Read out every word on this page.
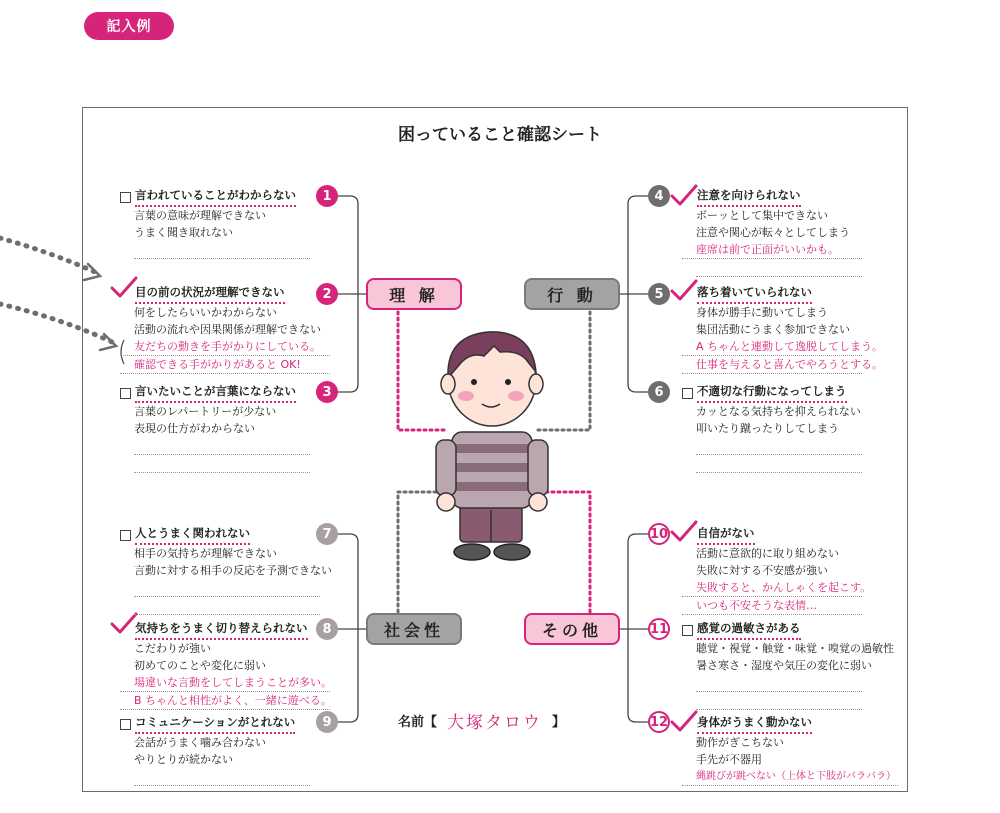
記入例
困っていること確認シート
1
2
3
4
5
6
7
8
9
10
11
12
理 解	行 動
社会性	その他
言われていることがわからない
言葉の意味が理解できない
うまく聞き取れない
目の前の状況が理解できない
何をしたらいいかわからない
活動の流れや因果関係が理解できない
友だちの動きを手がかりにしている。
確認できる手がかりがあると OK!
言いたいことが言葉にならない
言葉のレパートリーが少ない
表現の仕方がわからない
人とうまく関われない
相手の気持ちが理解できない
言動に対する相手の反応を予測できない
気持ちをうまく切り替えられない
こだわりが強い
初めてのことや変化に弱い
場違いな言動をしてしまうことが多い。
B ちゃんと相性がよく、一緒に遊べる。
コミュニケーションがとれない
会話がうまく噛み合わない
やりとりが続かない
注意を向けられない
ボーッとして集中できない
注意や関心が転々としてしまう
座席は前で正面がいいかも。
落ち着いていられない
身体が勝手に動いてしまう
集団活動にうまく参加できない
A ちゃんと連動して逸脱してしまう。
仕事を与えると喜んでやろうとする。
不適切な行動になってしまう
カッとなる気持ちを抑えられない
叩いたり蹴ったりしてしまう
自信がない
活動に意欲的に取り組めない
失敗に対する不安感が強い
失敗すると、かんしゃくを起こす。
いつも不安そうな表情…
感覚の過敏さがある
聴覚・視覚・触覚・味覚・嗅覚の過敏性
暑さ寒さ・湿度や気圧の変化に弱い
身体がうまく動かない
動作がぎこちない
手先が不器用
縄跳びが跳べない（上体と下肢がバラバラ）
名前【 大塚タロウ 】
